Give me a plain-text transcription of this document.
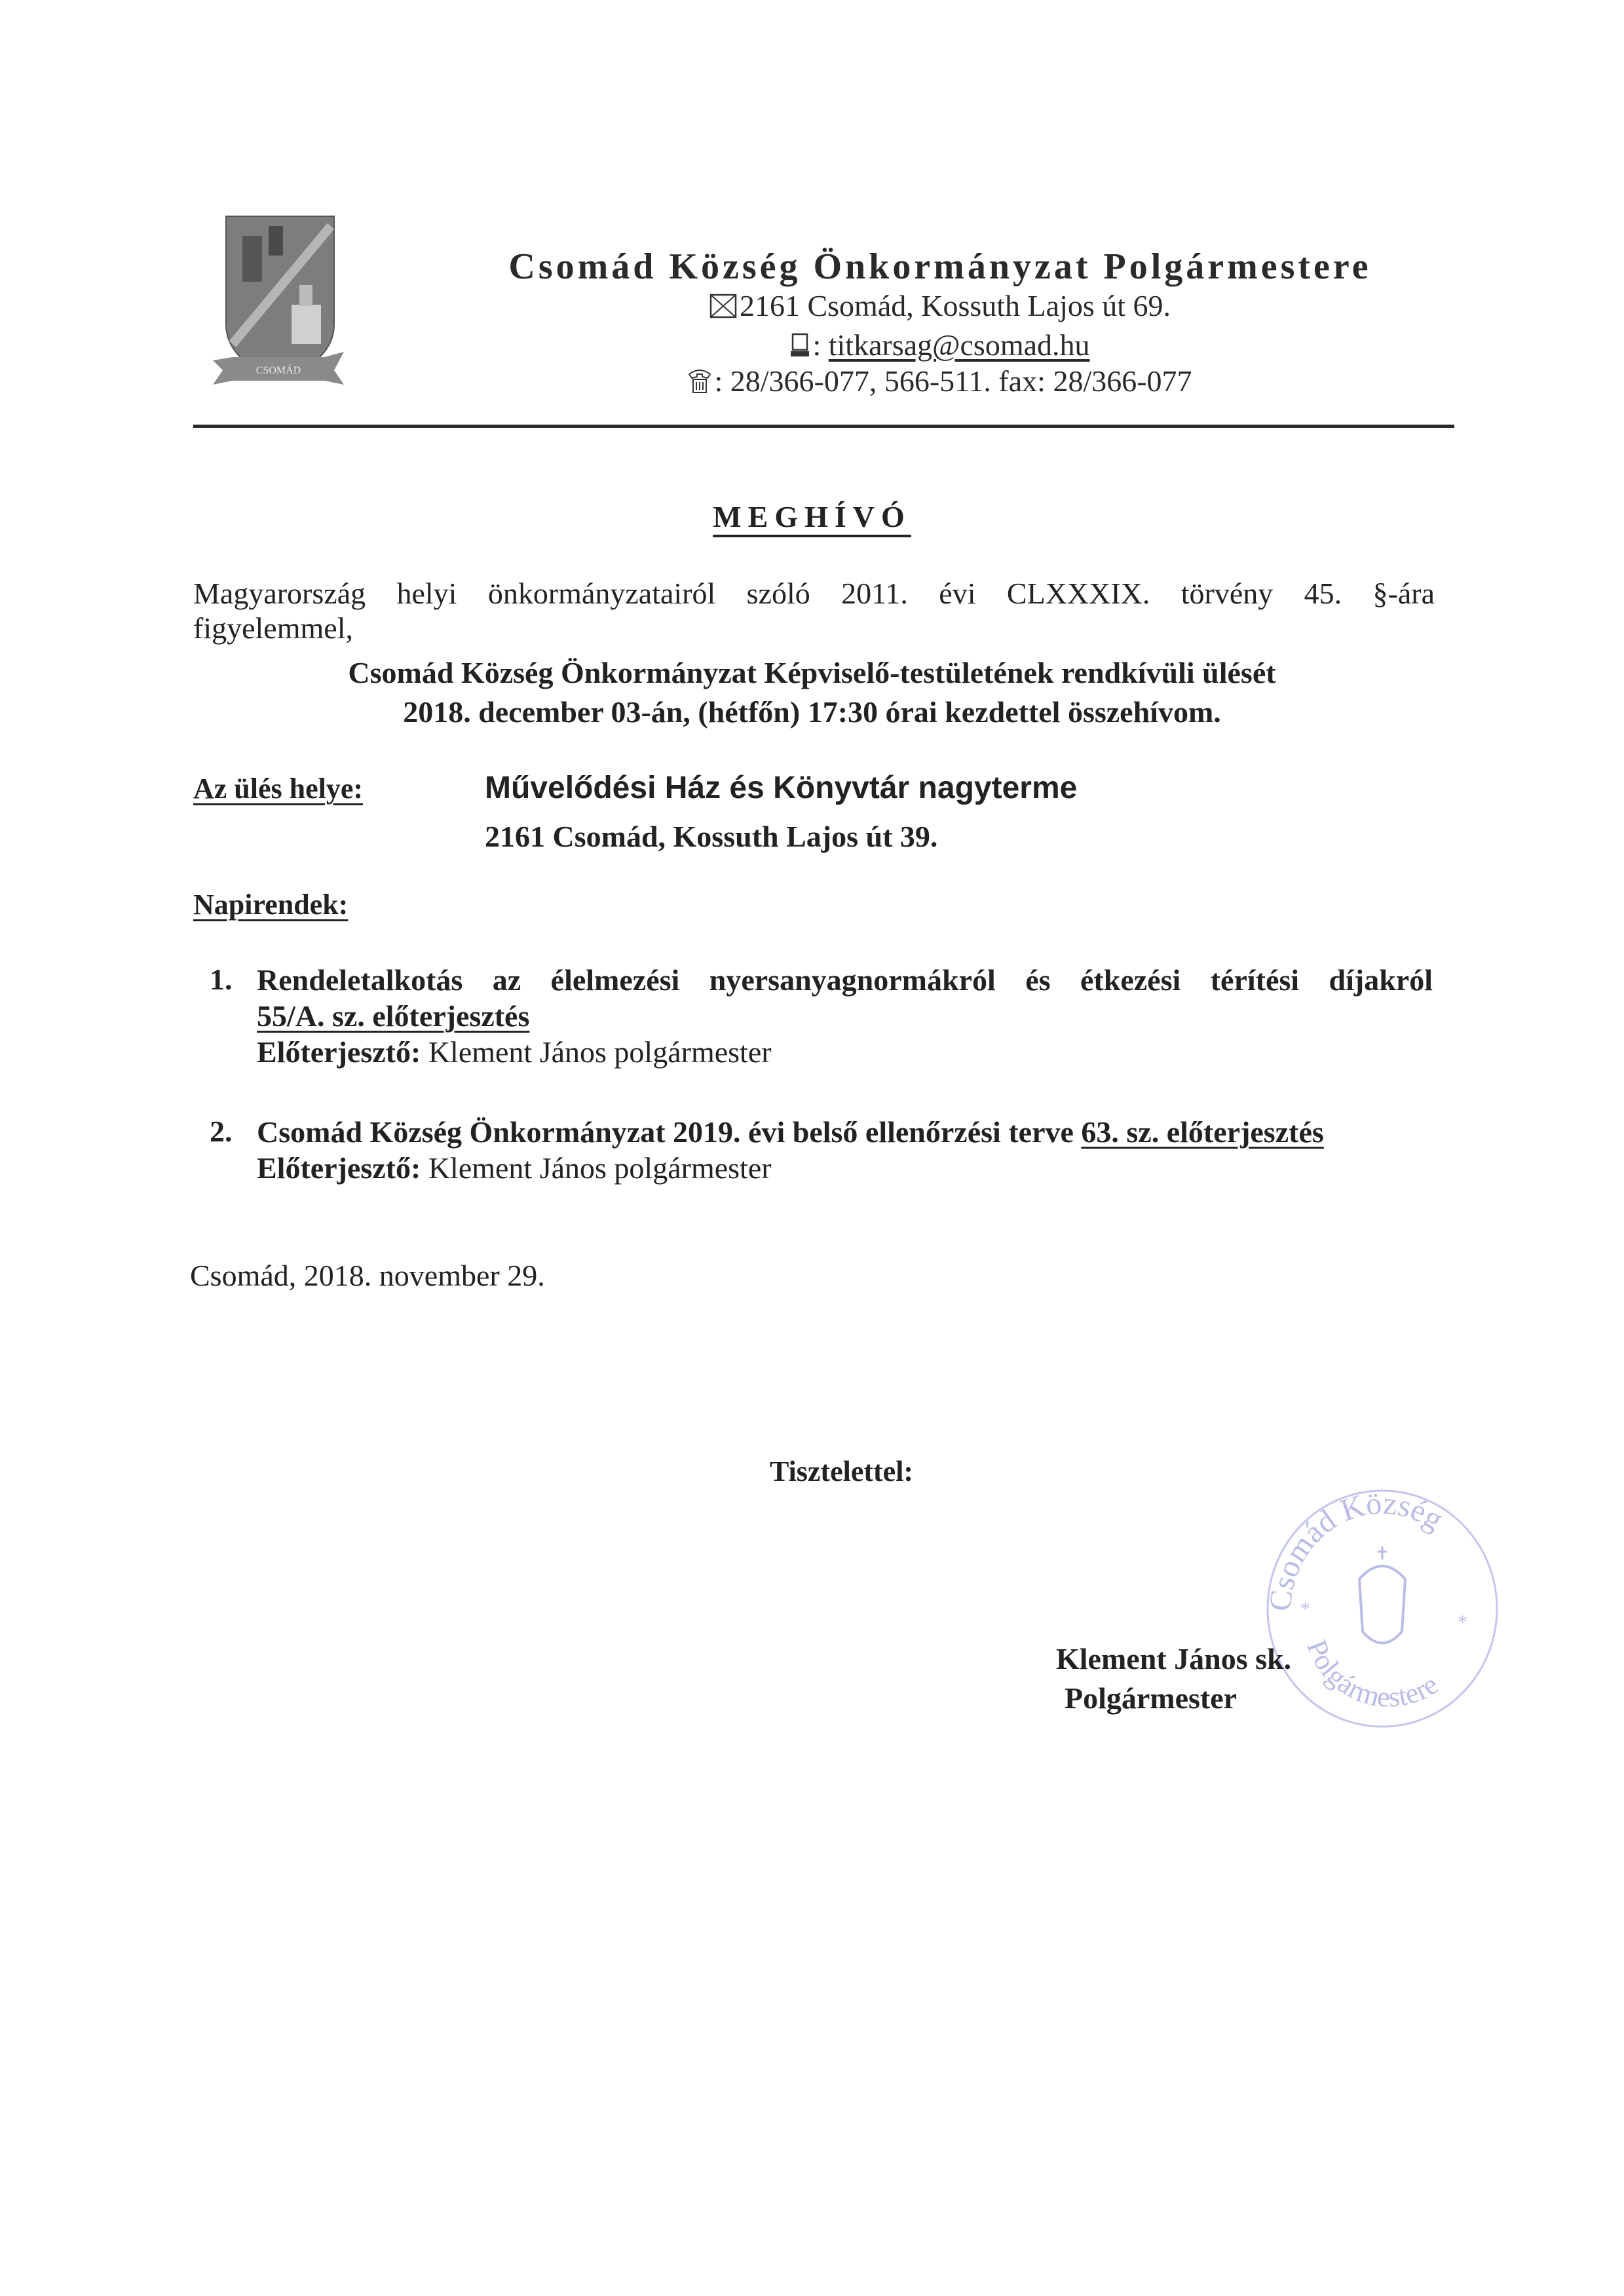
CSOMÁD
Csomád Község Önkormányzat Polgármestere
2161 Csomád, Kossuth Lajos út 69.
: titkarsag@csomad.hu
: 28/366-077, 566-511. fax: 28/366-077
MEGHÍVÓ
Magyarország helyi önkormányzatairól szóló 2011. évi CLXXXIX. törvény 45. §-ára
figyelemmel,
Csomád Község Önkormányzat Képviselő-testületének rendkívüli ülését
2018. december 03-án, (hétfőn) 17:30 órai kezdettel összehívom.
Az ülés helye:	Művelődési Ház és Könyvtár nagyterme
2161 Csomád, Kossuth Lajos út 39.
Napirendek:
1. Rendeletalkotás az élelmezési nyersanyagnormákról és étkezési térítési díjakról
55/A. sz. előterjesztés
Előterjesztő: Klement János polgármester
2. Csomád Község Önkormányzat 2019. évi belső ellenőrzési terve 63. sz. előterjesztés
Előterjesztő: Klement János polgármester
Csomád, 2018. november 29.
Tisztelettel:
Csomád Község
Polgármestere
*
*
Klement János sk.
Polgármester
